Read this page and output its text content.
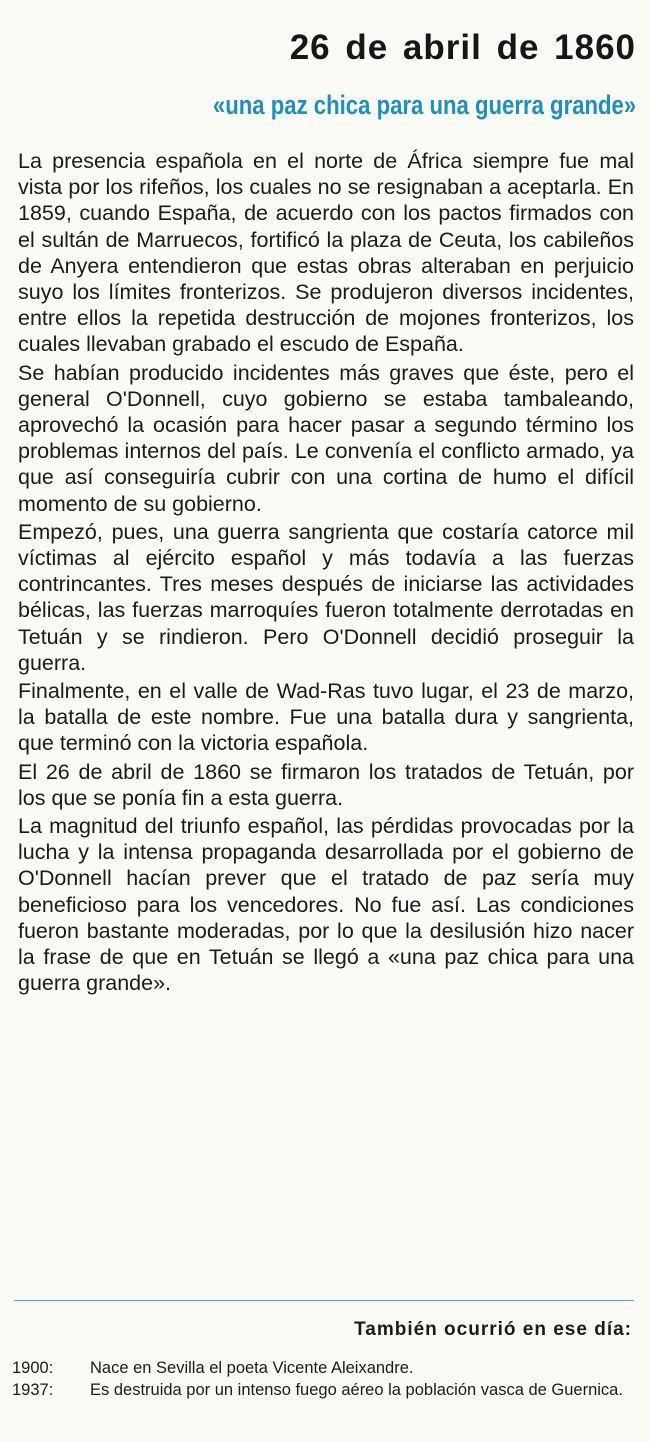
26 de abril de 1860
«una paz chica para una guerra grande»

La presencia española en el norte de África siempre fue mal vista por los rifeños, los cuales no se resignaban a aceptarla. En 1859, cuando España, de acuerdo con los pactos firmados con el sultán de Marruecos, fortificó la plaza de Ceuta, los cabileños de Anyera entendieron que estas obras alteraban en perjuicio suyo los límites fronterizos. Se produjeron diversos incidentes, entre ellos la repetida destrucción de mojones fronterizos, los cuales llevaban grabado el escudo de España.

Se habían producido incidentes más graves que éste, pero el general O'Donnell, cuyo gobierno se estaba tambaleando, aprovechó la ocasión para hacer pasar a segundo término los problemas internos del país. Le convenía el conflicto armado, ya que así conseguiría cubrir con una cortina de humo el difícil momento de su gobierno.

Empezó, pues, una guerra sangrienta que costaría catorce mil víctimas al ejército español y más todavía a las fuerzas contrincantes. Tres meses después de iniciarse las actividades bélicas, las fuerzas marroquíes fueron totalmente derrotadas en Tetuán y se rindieron. Pero O'Donnell decidió proseguir la guerra.

Finalmente, en el valle de Wad-Ras tuvo lugar, el 23 de marzo, la batalla de este nombre. Fue una batalla dura y sangrienta, que terminó con la victoria española.

El 26 de abril de 1860 se firmaron los tratados de Tetuán, por los que se ponía fin a esta guerra.

La magnitud del triunfo español, las pérdidas provocadas por la lucha y la intensa propaganda desarrollada por el gobierno de O'Donnell hacían prever que el tratado de paz sería muy beneficioso para los vencedores. No fue así. Las condiciones fueron bastante moderadas, por lo que la desilusión hizo nacer la frase de que en Tetuán se llegó a «una paz chica para una guerra grande».

También ocurrió en ese día:
1900:	Nace en Sevilla el poeta Vicente Aleixandre.
1937:	Es destruida por un intenso fuego aéreo la población vasca de Guernica.
